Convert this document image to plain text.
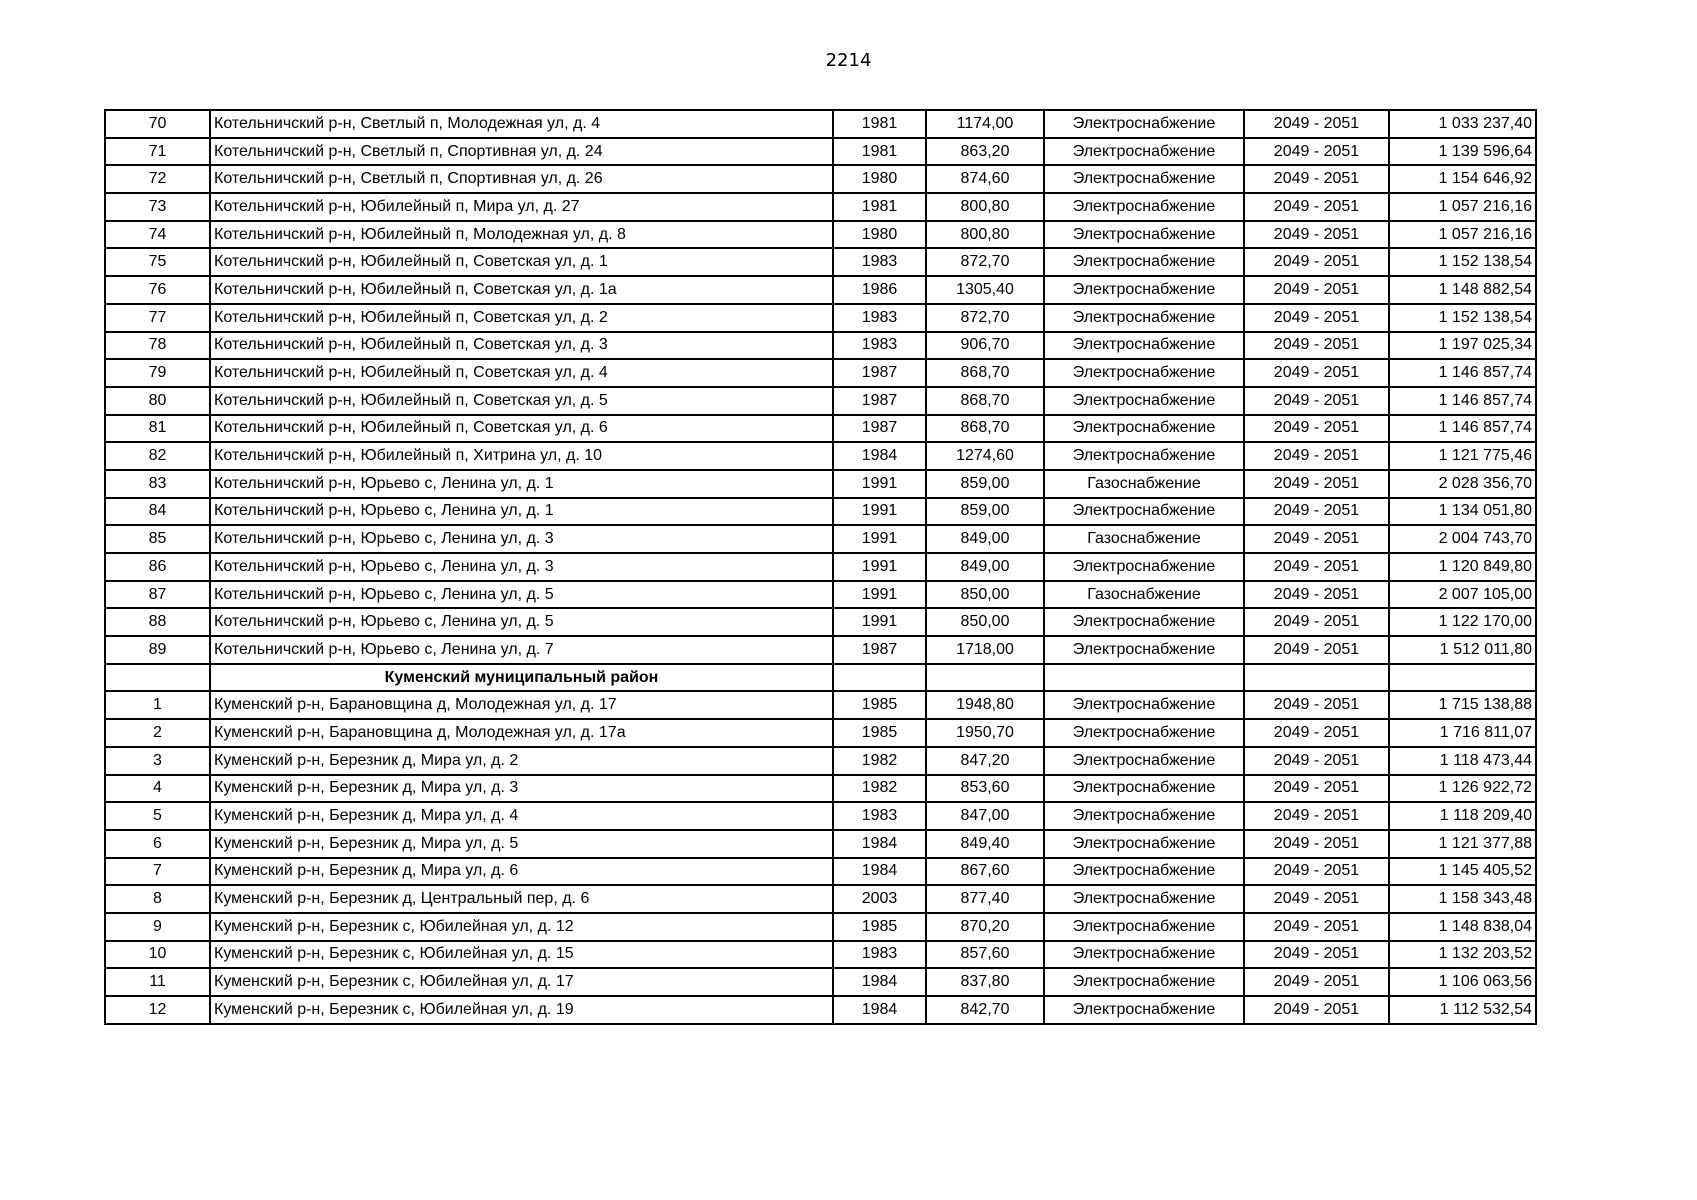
2214
70	Котельничский р-н, Светлый п, Молодежная ул, д. 4	1981	1174,00	Электроснабжение	2049 - 2051	1 033 237,40
71	Котельничский р-н, Светлый п, Спортивная ул, д. 24	1981	863,20	Электроснабжение	2049 - 2051	1 139 596,64
72	Котельничский р-н, Светлый п, Спортивная ул, д. 26	1980	874,60	Электроснабжение	2049 - 2051	1 154 646,92
73	Котельничский р-н, Юбилейный п, Мира ул, д. 27	1981	800,80	Электроснабжение	2049 - 2051	1 057 216,16
74	Котельничский р-н, Юбилейный п, Молодежная ул, д. 8	1980	800,80	Электроснабжение	2049 - 2051	1 057 216,16
75	Котельничский р-н, Юбилейный п, Советская ул, д. 1	1983	872,70	Электроснабжение	2049 - 2051	1 152 138,54
76	Котельничский р-н, Юбилейный п, Советская ул, д. 1а	1986	1305,40	Электроснабжение	2049 - 2051	1 148 882,54
77	Котельничский р-н, Юбилейный п, Советская ул, д. 2	1983	872,70	Электроснабжение	2049 - 2051	1 152 138,54
78	Котельничский р-н, Юбилейный п, Советская ул, д. 3	1983	906,70	Электроснабжение	2049 - 2051	1 197 025,34
79	Котельничский р-н, Юбилейный п, Советская ул, д. 4	1987	868,70	Электроснабжение	2049 - 2051	1 146 857,74
80	Котельничский р-н, Юбилейный п, Советская ул, д. 5	1987	868,70	Электроснабжение	2049 - 2051	1 146 857,74
81	Котельничский р-н, Юбилейный п, Советская ул, д. 6	1987	868,70	Электроснабжение	2049 - 2051	1 146 857,74
82	Котельничский р-н, Юбилейный п, Хитрина ул, д. 10	1984	1274,60	Электроснабжение	2049 - 2051	1 121 775,46
83	Котельничский р-н, Юрьево с, Ленина ул, д. 1	1991	859,00	Газоснабжение	2049 - 2051	2 028 356,70
84	Котельничский р-н, Юрьево с, Ленина ул, д. 1	1991	859,00	Электроснабжение	2049 - 2051	1 134 051,80
85	Котельничский р-н, Юрьево с, Ленина ул, д. 3	1991	849,00	Газоснабжение	2049 - 2051	2 004 743,70
86	Котельничский р-н, Юрьево с, Ленина ул, д. 3	1991	849,00	Электроснабжение	2049 - 2051	1 120 849,80
87	Котельничский р-н, Юрьево с, Ленина ул, д. 5	1991	850,00	Газоснабжение	2049 - 2051	2 007 105,00
88	Котельничский р-н, Юрьево с, Ленина ул, д. 5	1991	850,00	Электроснабжение	2049 - 2051	1 122 170,00
89	Котельничский р-н, Юрьево с, Ленина ул, д. 7	1987	1718,00	Электроснабжение	2049 - 2051	1 512 011,80
	Куменский муниципальный район					
1	Куменский р-н, Барановщина д, Молодежная ул, д. 17	1985	1948,80	Электроснабжение	2049 - 2051	1 715 138,88
2	Куменский р-н, Барановщина д, Молодежная ул, д. 17а	1985	1950,70	Электроснабжение	2049 - 2051	1 716 811,07
3	Куменский р-н, Березник д, Мира ул, д. 2	1982	847,20	Электроснабжение	2049 - 2051	1 118 473,44
4	Куменский р-н, Березник д, Мира ул, д. 3	1982	853,60	Электроснабжение	2049 - 2051	1 126 922,72
5	Куменский р-н, Березник д, Мира ул, д. 4	1983	847,00	Электроснабжение	2049 - 2051	1 118 209,40
6	Куменский р-н, Березник д, Мира ул, д. 5	1984	849,40	Электроснабжение	2049 - 2051	1 121 377,88
7	Куменский р-н, Березник д, Мира ул, д. 6	1984	867,60	Электроснабжение	2049 - 2051	1 145 405,52
8	Куменский р-н, Березник д, Центральный пер, д. 6	2003	877,40	Электроснабжение	2049 - 2051	1 158 343,48
9	Куменский р-н, Березник с, Юбилейная ул, д. 12	1985	870,20	Электроснабжение	2049 - 2051	1 148 838,04
10	Куменский р-н, Березник с, Юбилейная ул, д. 15	1983	857,60	Электроснабжение	2049 - 2051	1 132 203,52
11	Куменский р-н, Березник с, Юбилейная ул, д. 17	1984	837,80	Электроснабжение	2049 - 2051	1 106 063,56
12	Куменский р-н, Березник с, Юбилейная ул, д. 19	1984	842,70	Электроснабжение	2049 - 2051	1 112 532,54
